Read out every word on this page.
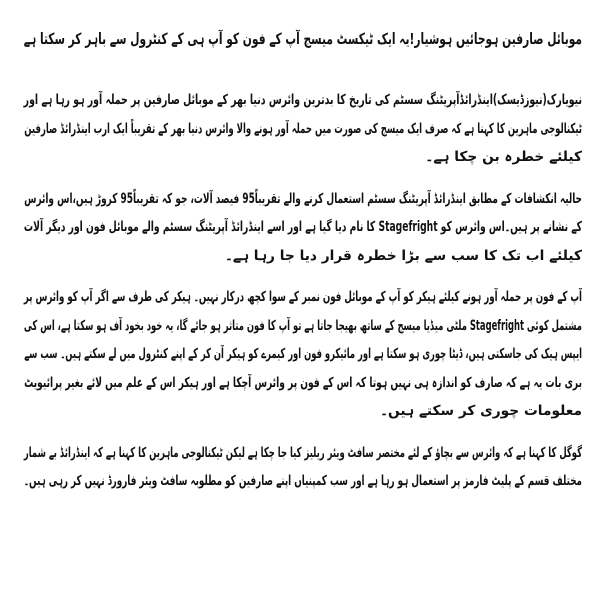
موبائل صارفین ہوجائیں ہوشیار!یہ ایک ٹیکسٹ میسج آپ کے فون کو آپ ہی کے کنٹرول سے باہر کر سکتا ہے

نیویارک(نیوزڈیسک)اینڈرائڈآپریٹنگ سسٹم کی تاریخ کا بدترین وائرس دنیا بھر کے موبائل صارفین پر حملہ آور ہو رہا ہے اور
ٹیکنالوجی ماہرین کا کہنا ہے کہ صرف ایک میسج کی صورت میں حملہ آور ہونے والا وائرس دنیا بھر کے تقریباً ایک ارب اینڈرائڈ صارفین
کیلئے خطرہ بن چکا ہے۔

حالیہ انکشافات کے مطابق اینڈرائڈ آپریٹنگ سسٹم استعمال کرنے والے تقریباً95 فیصد آلات، جو کہ تقریباً95 کروڑ ہیں،اس وائرس
کے نشانے پر ہیں۔اس وائرس کو Stagefright کا نام دیا گیا ہے اور اسے اینڈرائڈ آپریٹنگ سسٹم والے موبائل فون اور دیگر آلات
کیلئے اب تک کا سب سے بڑا خطرہ قرار دیا جا رہا ہے۔

آپ کے فون پر حملہ آور ہونے کیلئے ہیکر کو آپ کے موبائل فون نمبر کے سوا کچھ درکار نہیں۔ ہیکر کی طرف سے اگر آپ کو وائرس پر
مشتمل کوئی Stagefright ملٹی میڈیا میسج کے ساتھ بھیجا جاتا ہے تو آپ کا فون متاثر ہو جائے گا، یہ خود بخود آف ہو سکتا ہے، اس کی
ایپس ہیک کی جاسکتی ہیں، ڈیٹا چوری ہو سکتا ہے اور مائیکرو فون اور کیمرے کو ہیکر آن کر کے اپنے کنٹرول میں لے سکتے ہیں۔ سب سے
بری بات یہ ہے کہ صارف کو اندازہ ہی نہیں ہوتا کہ اس کے فون پر وائرس آچکا ہے اور ہیکر اس کے علم میں لائے بغیر پرائیویٹ
معلومات چوری کر سکتے ہیں۔

گوگل کا کہنا ہے کہ وائرس سے بچاؤ کے لئے مختصر سافٹ ویئر ریلیز کیا جا چکا ہے لیکن ٹیکنالوجی ماہرین کا کہنا ہے کہ اینڈرائڈ بے شمار
مختلف قسم کے پلیٹ فارمز پر استعمال ہو رہا ہے اور سب کمپنیاں اپنے صارفین کو مطلوبہ سافٹ ویئر فارورڈ نہیں کر رہی ہیں۔
